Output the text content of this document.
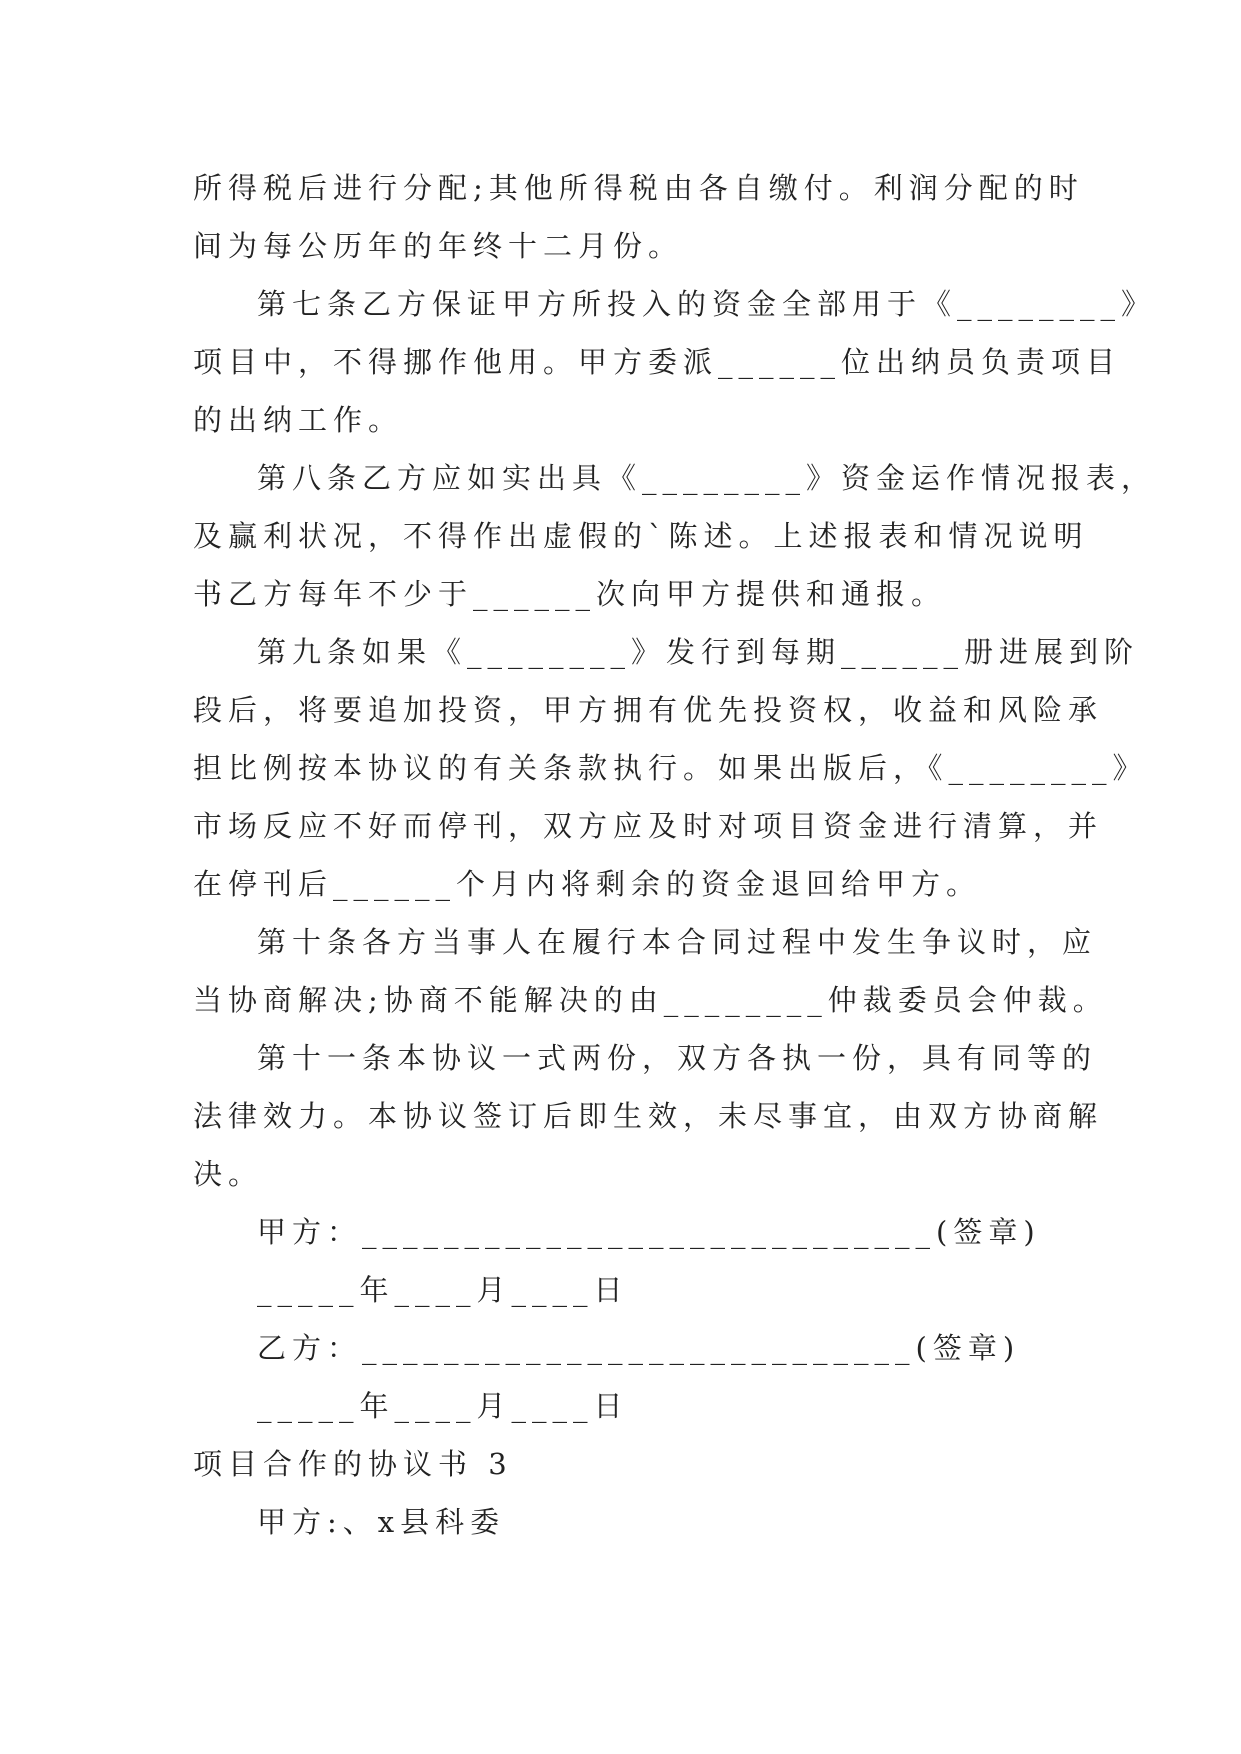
所得税后进行分配;其他所得税由各自缴付。利润分配的时
间为每公历年的年终十二月份。
第七条乙方保证甲方所投入的资金全部用于《________》
项目中，不得挪作他用。甲方委派______位出纳员负责项目
的出纳工作。
第八条乙方应如实出具《________》资金运作情况报表，
及赢利状况，不得作出虚假的`陈述。上述报表和情况说明
书乙方每年不少于______次向甲方提供和通报。
第九条如果《________》发行到每期______册进展到阶
段后，将要追加投资，甲方拥有优先投资权，收益和风险承
担比例按本协议的有关条款执行。如果出版后，《________》
市场反应不好而停刊，双方应及时对项目资金进行清算，并
在停刊后______个月内将剩余的资金退回给甲方。
第十条各方当事人在履行本合同过程中发生争议时，应
当协商解决;协商不能解决的由________仲裁委员会仲裁。
第十一条本协议一式两份，双方各执一份，具有同等的
法律效力。本协议签订后即生效，未尽事宜，由双方协商解
决。
甲方：____________________________(签章)
_____年____月____日
乙方：___________________________(签章)
_____年____月____日
项目合作的协议书 3
甲方:、x县科委
